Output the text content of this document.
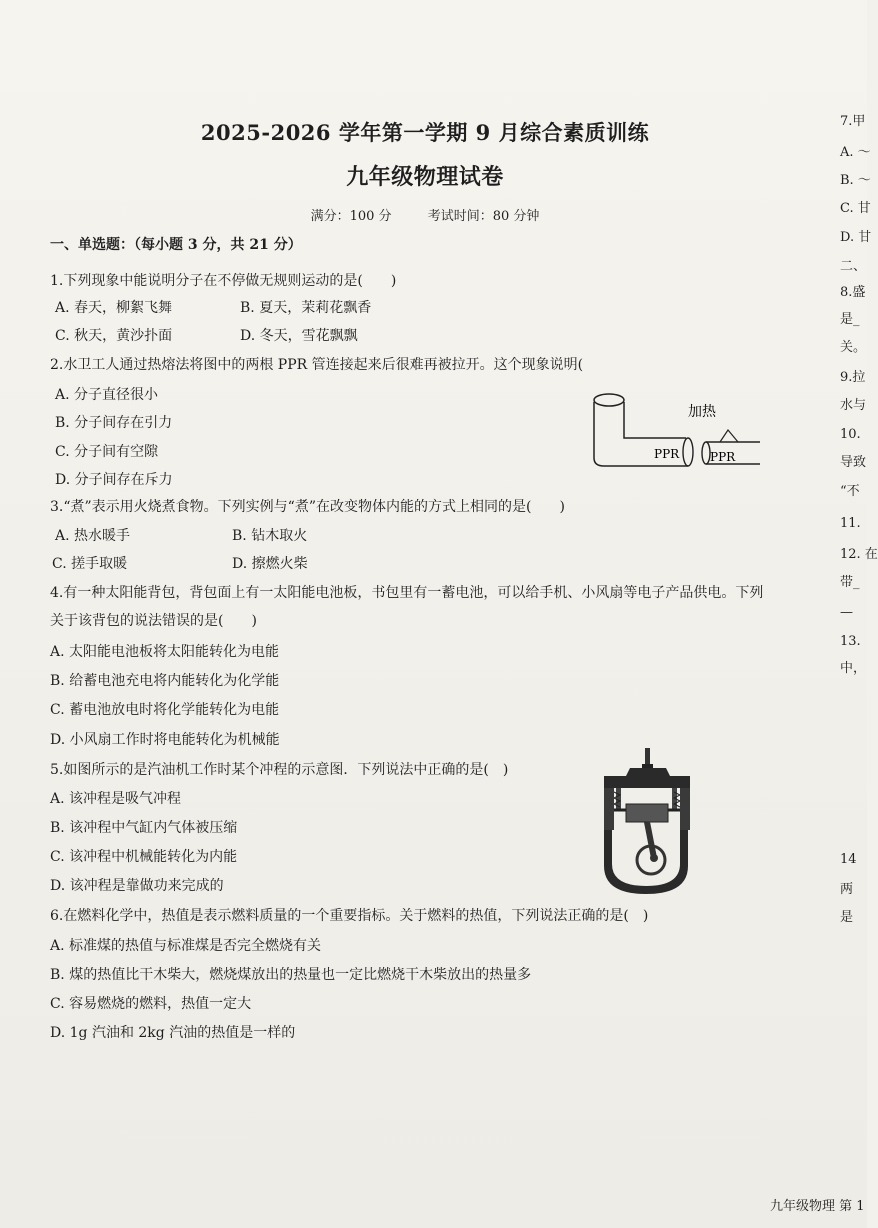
2025-2026 学年第一学期 9 月综合素质训练
九年级物理试卷
满分：100 分	考试时间：80 分钟
一、单选题：（每小题 3 分，共 21 分）
1.下列现象中能说明分子在不停做无规则运动的是(　　)
A. 春天，柳絮飞舞	B. 夏天，茉莉花飘香
C. 秋天，黄沙扑面	D. 冬天，雪花飘飘
2.水卫工人通过热熔法将图中的两根 PPR 管连接起来后很难再被拉开。这个现象说明(
A. 分子直径很小
B. 分子间存在引力
C. 分子间有空隙
D. 分子间存在斥力
加热
PPR	PPR
3.“煮”表示用火烧煮食物。下列实例与“煮”在改变物体内能的方式上相同的是(　　)
A. 热水暖手	B. 钻木取火
C. 搓手取暖	D. 擦燃火柴
4.有一种太阳能背包，背包面上有一太阳能电池板，书包里有一蓄电池，可以给手机、小风扇等电子产品供电。下列
关于该背包的说法错误的是(　　)
A. 太阳能电池板将太阳能转化为电能
B. 给蓄电池充电将内能转化为化学能
C. 蓄电池放电时将化学能转化为电能
D. 小风扇工作时将电能转化为机械能
5.如图所示的是汽油机工作时某个冲程的示意图．下列说法中正确的是(　)
A. 该冲程是吸气冲程
B. 该冲程中气缸内气体被压缩
C. 该冲程中机械能转化为内能
D. 该冲程是靠做功来完成的
6.在燃料化学中，热值是表示燃料质量的一个重要指标。关于燃料的热值，下列说法正确的是(　)
A. 标准煤的热值与标准煤是否完全燃烧有关
B. 煤的热值比干木柴大，燃烧煤放出的热量也一定比燃烧干木柴放出的热量多
C. 容易燃烧的燃料，热值一定大
D. 1g 汽油和 2kg 汽油的热值是一样的
九年级物理 第 1
7.甲
A. ～
B. ～
C. 甘
D. 甘
二、
8.盛
是_
关。
9.拉
水与
10.
导致
“不
11.
12. 在
带_
—
13.
中，
14
两
是
